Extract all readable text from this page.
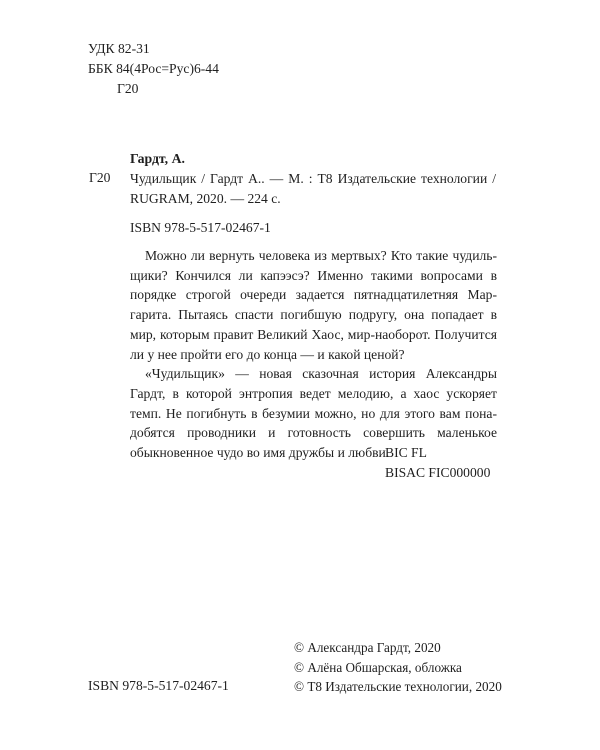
УДК 82-31
ББК 84(4Рос=Рус)6-44
Г20
Гардт, А.
Г20 Чудильщик / Гардт А.. — М. : Т8 Издательские технологии / RUGRAM, 2020. — 224 с.
ISBN 978-5-517-02467-1

Можно ли вернуть человека из мертвых? Кто такие чудильщики? Кончился ли капээсэ? Именно такими вопросами в порядке строгой очереди задается пятнадцатилетняя Маргарита. Пытаясь спасти погибшую подругу, она попадает в мир, которым правит Великий Хаос, мир-наоборот. Получится ли у нее пройти его до конца — и какой ценой?

«Чудильщик» — новая сказочная история Александры Гардт, в которой энтропия ведет мелодию, а хаос ускоряет темп. Не погибнуть в безумии можно, но для этого вам понадобятся проводники и готовность совершить маленькое обыкновенное чудо во имя дружбы и любви.

BIC FL
BISAC FIC000000
© Александра Гардт, 2020
© Алёна Обшарская, обложка
© Т8 Издательские технологии, 2020
ISBN 978-5-517-02467-1
